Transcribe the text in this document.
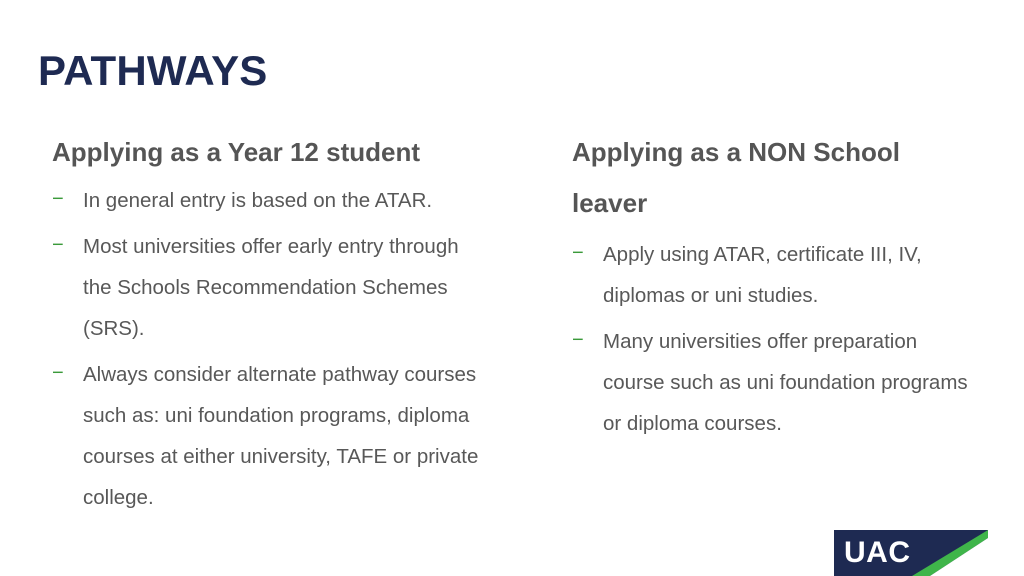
PATHWAYS
Applying as a Year 12 student
− In general entry is based on the ATAR.
− Most universities offer early entry through the Schools Recommendation Schemes (SRS).
− Always consider alternate pathway courses such as: uni foundation programs, diploma courses at either university, TAFE or private college.
Applying as a NON School leaver
− Apply using ATAR, certificate III, IV, diplomas or uni studies.
− Many universities offer preparation course such as uni foundation programs or diploma courses.
UAC
